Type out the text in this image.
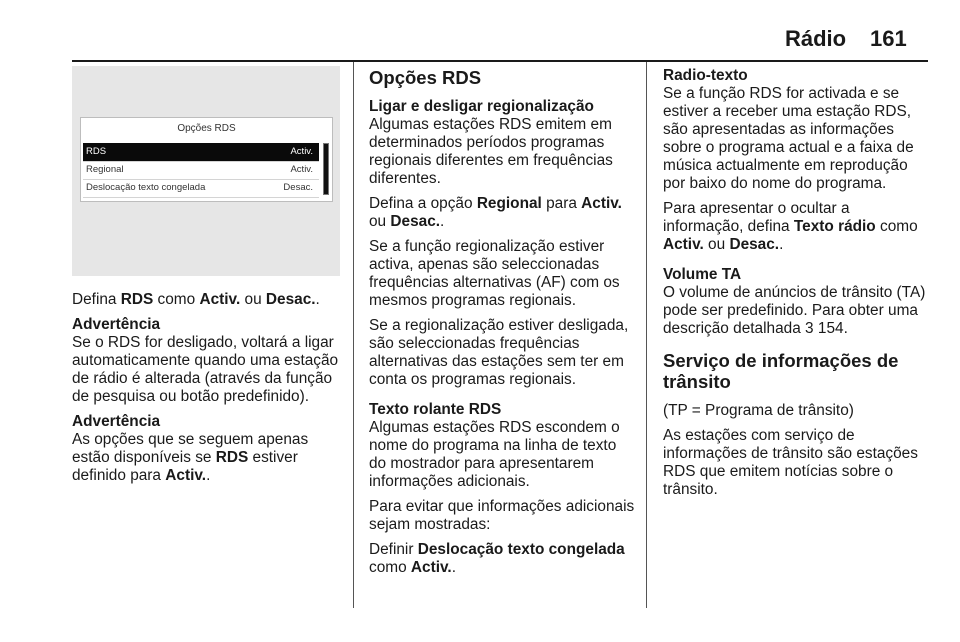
Rádio 161
Opções RDS
RDS	Activ.
Regional	Activ.
Deslocação texto congelada	Desac.

Defina RDS como Activ. ou Desac..

Advertência
Se o RDS for desligado, voltará a ligar automaticamente quando uma estação de rádio é alterada (através da função de pesquisa ou botão predefinido).

Advertência
As opções que se seguem apenas estão disponíveis se RDS estiver definido para Activ..

Opções RDS
Ligar e desligar regionalização

Algumas estações RDS emitem em determinados períodos programas regionais diferentes em frequências diferentes.

Defina a opção Regional para Activ. ou Desac..

Se a função regionalização estiver activa, apenas são seleccionadas frequências alternativas (AF) com os mesmos programas regionais.

Se a regionalização estiver desligada, são seleccionadas frequências alternativas das estações sem ter em conta os programas regionais.

Texto rolante RDS

Algumas estações RDS escondem o nome do programa na linha de texto do mostrador para apresentarem informações adicionais.

Para evitar que informações adicionais sejam mostradas:

Definir Deslocação texto congelada como Activ..

Radio-texto

Se a função RDS for activada e se estiver a receber uma estação RDS, são apresentadas as informações sobre o programa actual e a faixa de música actualmente em reprodução por baixo do nome do programa.

Para apresentar o ocultar a informação, defina Texto rádio como Activ. ou Desac..

Volume TA

O volume de anúncios de trânsito (TA) pode ser predefinido. Para obter uma descrição detalhada 3 154.

Serviço de informações de trânsito

(TP = Programa de trânsito)

As estações com serviço de informações de trânsito são estações RDS que emitem notícias sobre o trânsito.
